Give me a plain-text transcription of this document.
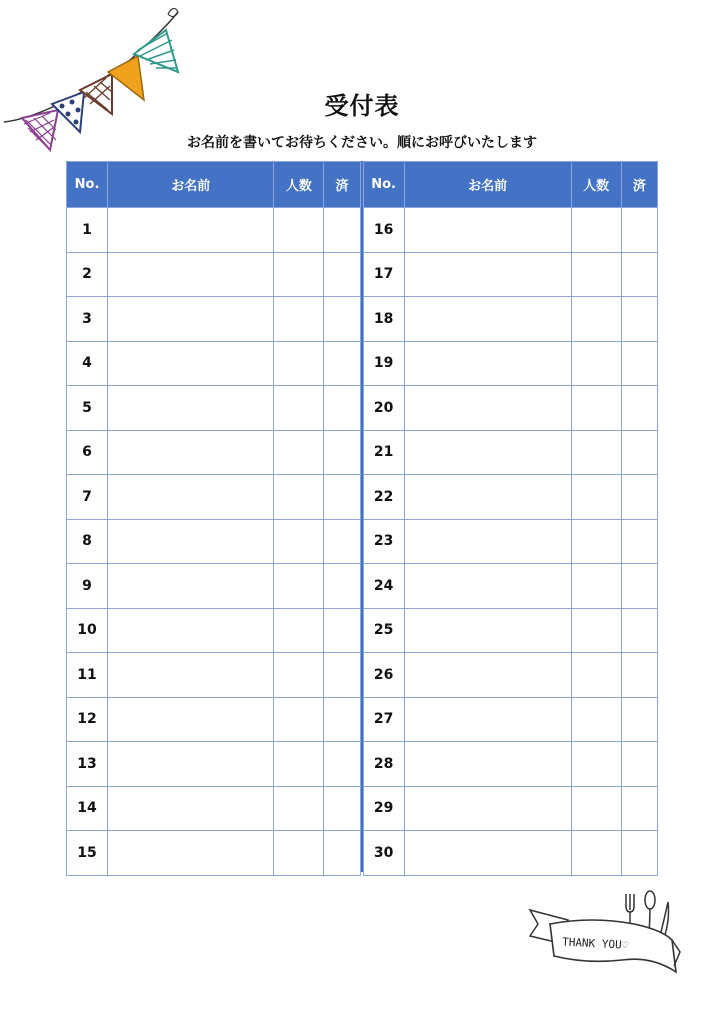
受付表
お名前を書いてお待ちください。順にお呼びいたします
No.	お名前	人数	済
1			
2			
3			
4			
5			
6			
7			
8			
9			
10			
11			
12			
13			
14			
15			
No.	お名前	人数	済
16			
17			
18			
19			
20			
21			
22			
23			
24			
25			
26			
27			
28			
29			
30			
THANK YOU♡
